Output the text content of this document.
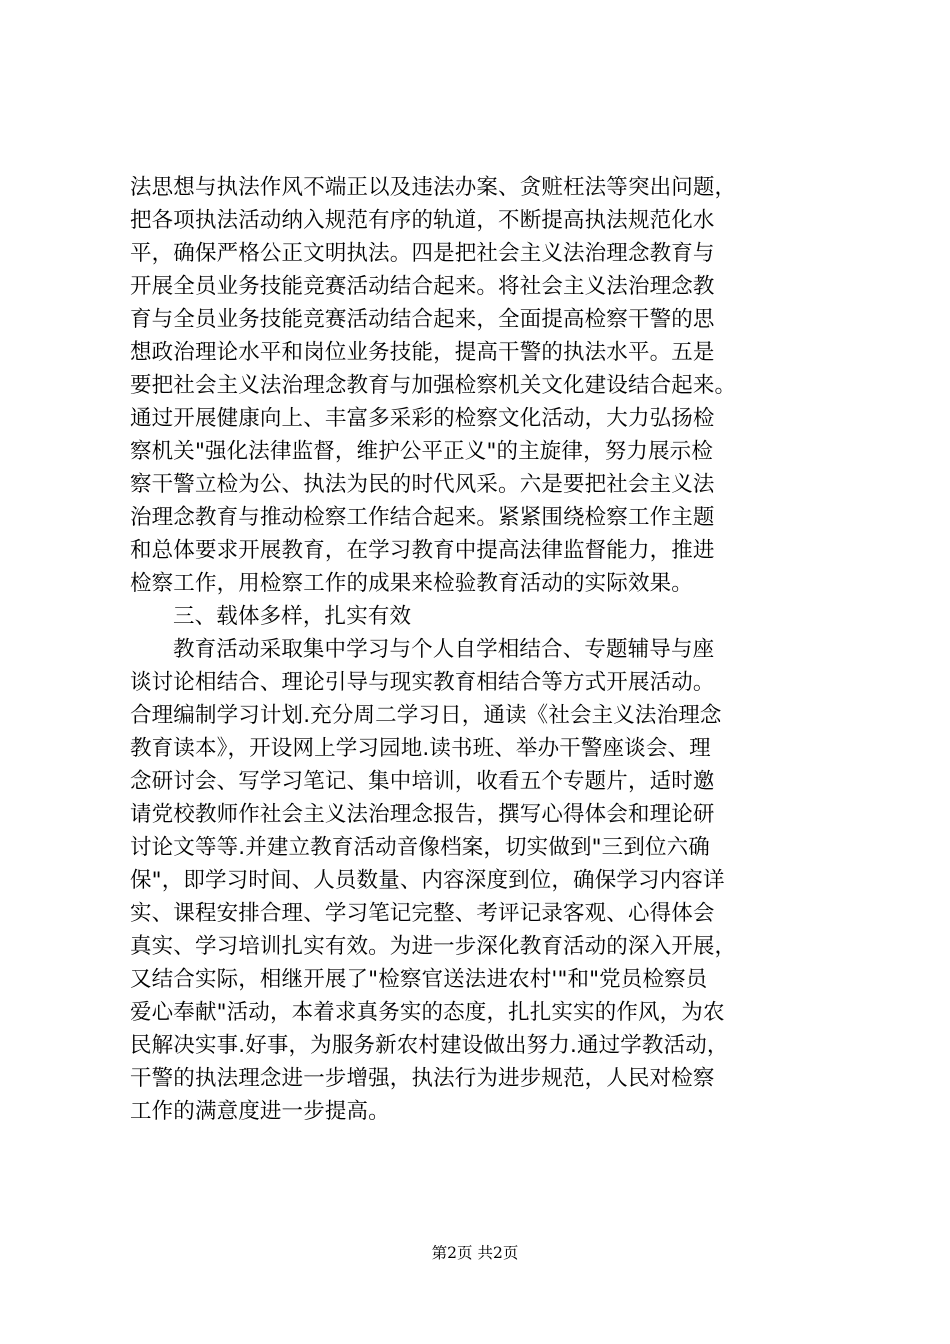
法思想与执法作风不端正以及违法办案、贪赃枉法等突出问题，
把各项执法活动纳入规范有序的轨道，不断提高执法规范化水
平，确保严格公正文明执法。四是把社会主义法治理念教育与
开展全员业务技能竞赛活动结合起来。将社会主义法治理念教
育与全员业务技能竞赛活动结合起来，全面提高检察干警的思
想政治理论水平和岗位业务技能，提高干警的执法水平。五是
要把社会主义法治理念教育与加强检察机关文化建设结合起来。
通过开展健康向上、丰富多采彩的检察文化活动，大力弘扬检
察机关"强化法律监督，维护公平正义"的主旋律，努力展示检
察干警立检为公、执法为民的时代风采。六是要把社会主义法
治理念教育与推动检察工作结合起来。紧紧围绕检察工作主题
和总体要求开展教育，在学习教育中提高法律监督能力，推进
检察工作，用检察工作的成果来检验教育活动的实际效果。
三、载体多样，扎实有效
教育活动采取集中学习与个人自学相结合、专题辅导与座
谈讨论相结合、理论引导与现实教育相结合等方式开展活动。
合理编制学习计划.充分周二学习日，通读《社会主义法治理念
教育读本》，开设网上学习园地.读书班、举办干警座谈会、理
念研讨会、写学习笔记、集中培训，收看五个专题片，适时邀
请党校教师作社会主义法治理念报告，撰写心得体会和理论研
讨论文等等.并建立教育活动音像档案，切实做到"三到位六确
保"，即学习时间、人员数量、内容深度到位，确保学习内容详
实、课程安排合理、学习笔记完整、考评记录客观、心得体会
真实、学习培训扎实有效。为进一步深化教育活动的深入开展，
又结合实际，相继开展了"检察官送法进农村'"和"党员检察员
爱心奉献"活动，本着求真务实的态度，扎扎实实的作风，为农
民解决实事.好事，为服务新农村建设做出努力.通过学教活动，
干警的执法理念进一步增强，执法行为进步规范，人民对检察
工作的满意度进一步提高。
第2页 共2页
